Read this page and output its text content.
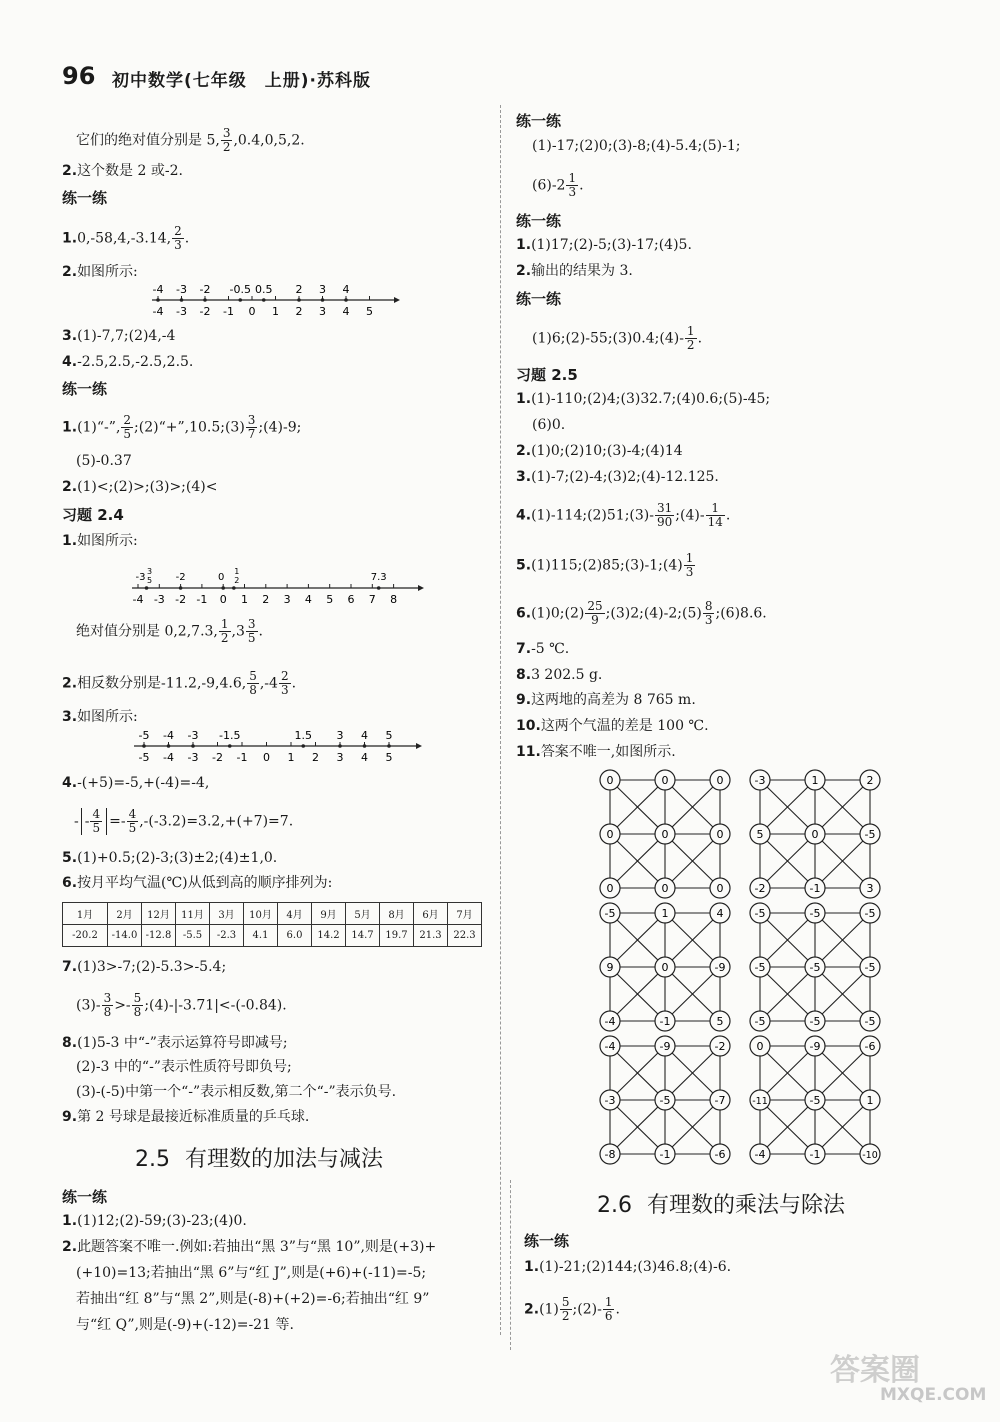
96 初中数学(七年级　上册)·苏科版
它们的绝对值分别是 5, $\frac{3}{2} ,0.4,0,5,2$.
2.这个数是 2 或-2.
练一练
1.0,-58,4,-3.14, $\frac{2}{3}$ .
2.如图所示:
-4 -3 -2 -0.5 0.5 2 3 4
-4 -3 -2 -1 0 1 2 3 4 5
3.(1)-7,7;(2)4,-4
4.-2.5,2.5,-2.5,2.5.
练一练
1.(1)“-”, $\frac{2}{5}$ ;(2)“+”,10.5;(3) $\frac{3}{7}$ ;(4)-9;
(5)-0.37
2.(1)<;(2)>;(3)>;(4)<
习题 2.4
1.如图所示:
-3
3
5 -2	0
1
2	7.3
-4 -3 -2 -1 0 1 2 3 4 5 6 7 8
绝对值分别是 0,2,7.3, $\frac{1}{2} ,3 \frac{3}{5}$ .
2.相反数分别是-11.2,-9,4.6, $\frac{5}{8} ,-4 \frac{2}{3}$ .
3.如图所示:
-5 -4 -3 -1.5	1.5 3 4 5
-5 -4 -3 -2 -1 0 1 2 3 4 5
4.-(+5)=-5,+(-4)=-4,
- - $\frac{4}{5} =- \frac{4}{5} ,-(-3.2)=3.2,+(+7)=7$.
5.(1)+0.5;(2)-3;(3)±2;(4)±1,0.
6.按月平均气温(℃)从低到高的顺序排列为:
1月	2月	12月	11月	3月	10月	4月	9月	5月	8月	6月	7月
-20.2	-14.0	-12.8	-5.5	-2.3	4.1	6.0	14.2	14.7	19.7	21.3	22.3
7.(1)3>-7;(2)-5.3>-5.4;
$(3)- \frac{3}{8} >- \frac{5}{8}$ ;(4)-|-3.71|<-(-0.84).
8.(1)5-3 中“-”表示运算符号即减号;
(2)-3 中的“-”表示性质符号即负号;
(3)-(-5)中第一个“-”表示相反数,第二个“-”表示负号.
9.第 2 号球是最接近标准质量的乒乓球.
2.5 有理数的加法与减法
练一练
1.(1)12;(2)-59;(3)-23;(4)0.
2.此题答案不唯一.例如:若抽出“黑 3”与“黑 10”,则是(+3)+
(+10)=13;若抽出“黑 6”与“红 J”,则是(+6)+(-11)=-5;
若抽出“红 8”与“黑 2”,则是(-8)+(+2)=-6;若抽出“红 9”
与“红 Q”,则是(-9)+(-12)=-21 等.
练一练
(1)-17;(2)0;(3)-8;(4)-5.4;(5)-1;
$(6)-2 \frac{1}{3}$ .
练一练
1.(1)17;(2)-5;(3)-17;(4)5.
2.输出的结果为 3.
练一练
(1)6;(2)-55;(3)0.4;(4)- $\frac{1}{2}$ .
习题 2.5
1.(1)-110;(2)4;(3)32.7;(4)0.6;(5)-45;
(6)0.
2.(1)0;(2)10;(3)-4;(4)14
3.(1)-7;(2)-4;(3)2;(4)-12.125.
4.(1)-114;(2)51;(3)- $\frac{31}{90}$ ;(4)- $\frac{1}{14}$ .
5.(1)115;(2)85;(3)-1;(4) $\frac{1}{3}$
6.(1)0;(2) $\frac{25}{9}$ ;(3)2;(4)-2;(5) $\frac{8}{3}$ ;(6)8.6.
7.-5 ℃.
8.3 202.5 g.
9.这两地的高差为 8 765 m.
10.这两个气温的差是 100 ℃.
11.答案不唯一,如图所示.
0	0	0
0	0	0
0	0	0
-3	1	2
5	0	-5
-2	-1	3
-5	1	4
9	0	-9
-4	-1	5
-5	-5	-5
-5	-5	-5
-5	-5	-5
-4	-9	-2
-3	-5	-7
-8	-1	-6
0	-9	-6
-11	-5	1
-4	-1	-10
2.6 有理数的乘法与除法
练一练
1.(1)-21;(2)144;(3)46.8;(4)-6.
$2.(1) \frac{5}{2}$ ;(2)- $\frac{1}{6}$ .
答案圈
MXQE.COM
